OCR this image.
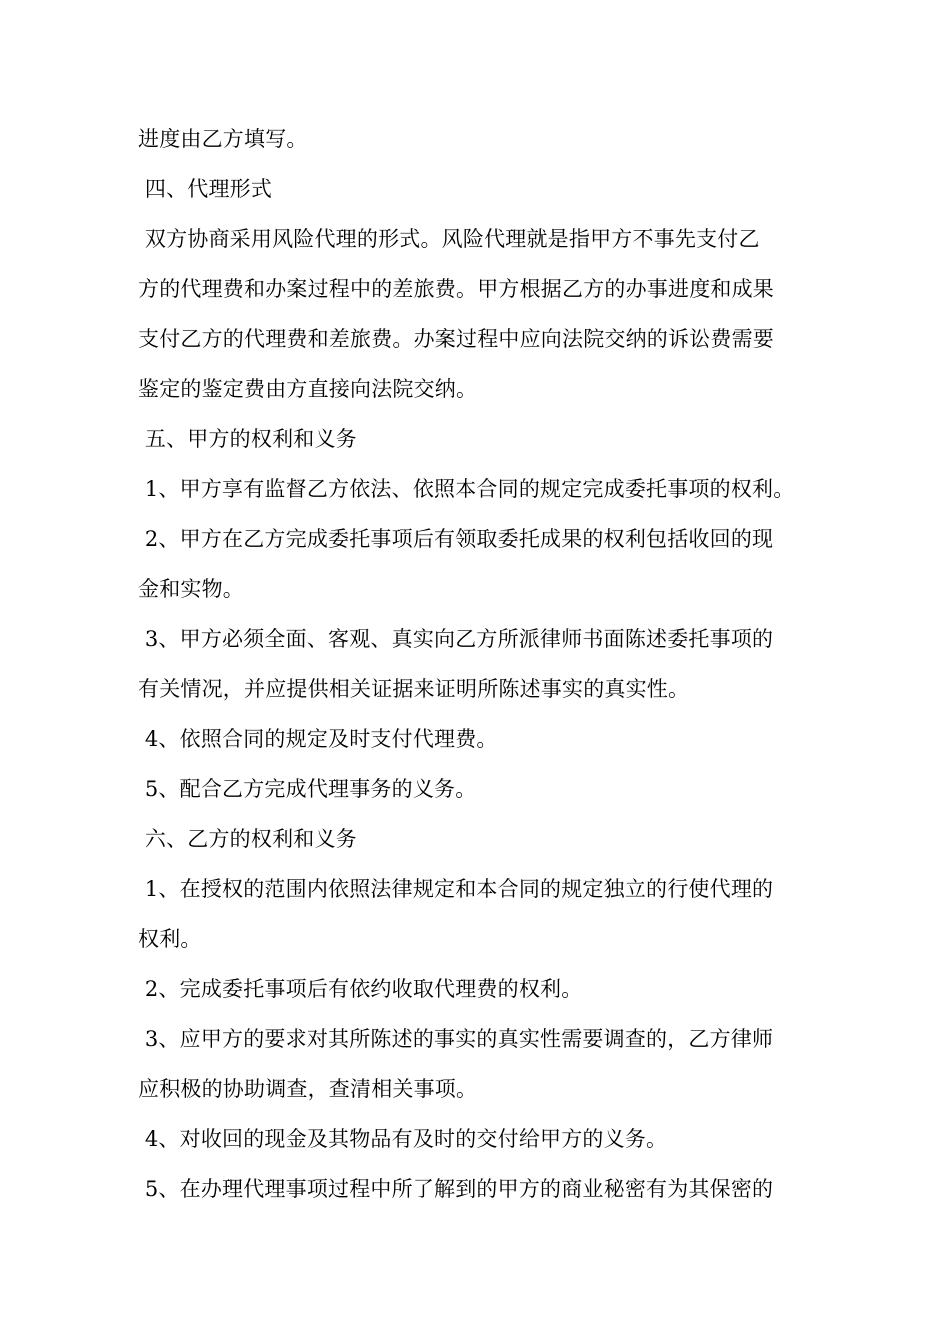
进度由乙方填写。
四、代理形式
双方协商采用风险代理的形式。风险代理就是指甲方不事先支付乙
方的代理费和办案过程中的差旅费。甲方根据乙方的办事进度和成果
支付乙方的代理费和差旅费。办案过程中应向法院交纳的诉讼费需要
鉴定的鉴定费由方直接向法院交纳。
五、甲方的权利和义务
1、甲方享有监督乙方依法、依照本合同的规定完成委托事项的权利。
2、甲方在乙方完成委托事项后有领取委托成果的权利包括收回的现
金和实物。
3、甲方必须全面、客观、真实向乙方所派律师书面陈述委托事项的
有关情况，并应提供相关证据来证明所陈述事实的真实性。
4、依照合同的规定及时支付代理费。
5、配合乙方完成代理事务的义务。
六、乙方的权利和义务
1、在授权的范围内依照法律规定和本合同的规定独立的行使代理的
权利。
2、完成委托事项后有依约收取代理费的权利。
3、应甲方的要求对其所陈述的事实的真实性需要调查的，乙方律师
应积极的协助调查，查清相关事项。
4、对收回的现金及其物品有及时的交付给甲方的义务。
5、在办理代理事项过程中所了解到的甲方的商业秘密有为其保密的
